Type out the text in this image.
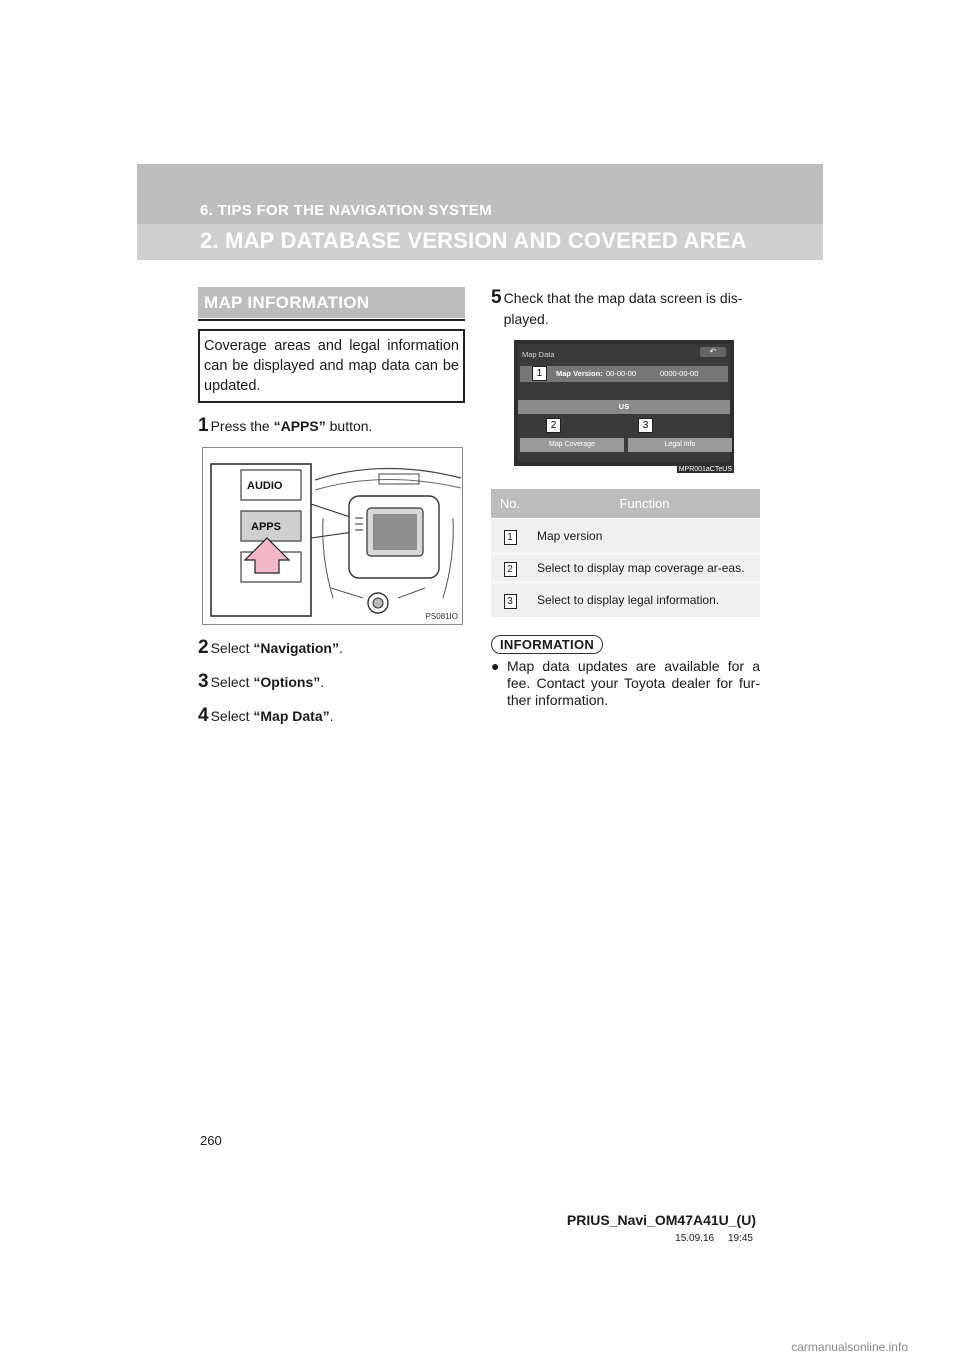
6. TIPS FOR THE NAVIGATION SYSTEM
2. MAP DATABASE VERSION AND COVERED AREA
MAP INFORMATION
Coverage areas and legal information can be displayed and map data can be updated.
1 Press the “APPS” button.
AUDIO
APPS
PS081IO
2 Select “Navigation”.
3 Select “Options”.
4 Select “Map Data”.
5 Check that the map data screen is dis-played.
Map Data	↶
Map Version: 00-00-00	0000-00-00
US
Map Coverage	Legal Info
1
2	3
MPR001aCTeUS
No.	Function
1	Map version
2	Select to display map coverage ar-eas.
3	Select to display legal information.
INFORMATION
● Map data updates are available for a fee. Contact your Toyota dealer for fur-ther information.
260
PRIUS_Navi_OM47A41U_(U)
15.09.16     19:45
carmanualsonline.info
